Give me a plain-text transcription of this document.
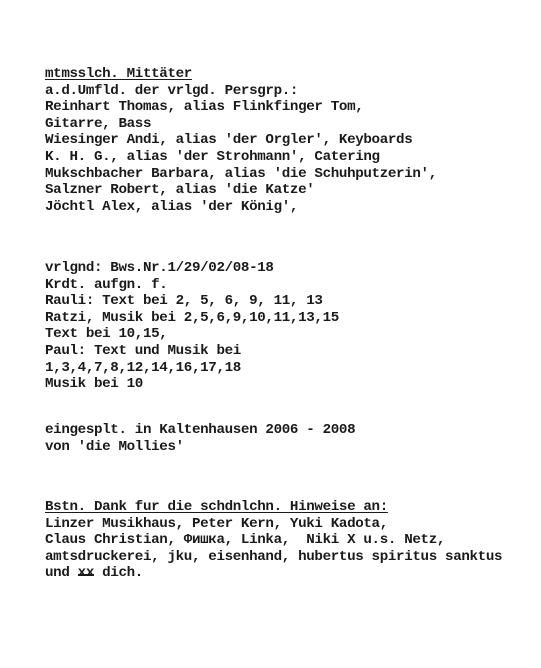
mtmsslch. Mittäter
a.d.Umfld. der vrlgd. Persgrp.:
Reinhart Thomas, alias Flinkfinger Tom,
Gitarre, Bass
Wiesinger Andi, alias 'der Orgler', Keyboards
K. H. G., alias 'der Strohmann', Catering
Mukschbacher Barbara, alias 'die Schuhputzerin',
Salzner Robert, alias 'die Katze'
Jöchtl Alex, alias 'der König',
vrlgnd: Bws.Nr.1/29/02/08-18
Krdt. aufgn. f.
Rauli: Text bei 2, 5, 6, 9, 11, 13
Ratzi, Musik bei 2,5,6,9,10,11,13,15
Text bei 10,15,
Paul: Text und Musik bei
1,3,4,7,8,12,14,16,17,18
Musik bei 10
eingesplt. in Kaltenhausen 2006 - 2008
von 'die Mollies'
Bstn. Dank fur die schdnlchn. Hinweise an:
Linzer Musikhaus, Peter Kern, Yuki Kadota,
Claus Christian, Фишка, Linka,  Niki X u.s. Netz,
amtsdruckerei, jku, eisenhand, hubertus spiritus sanktus
und xx dich.
